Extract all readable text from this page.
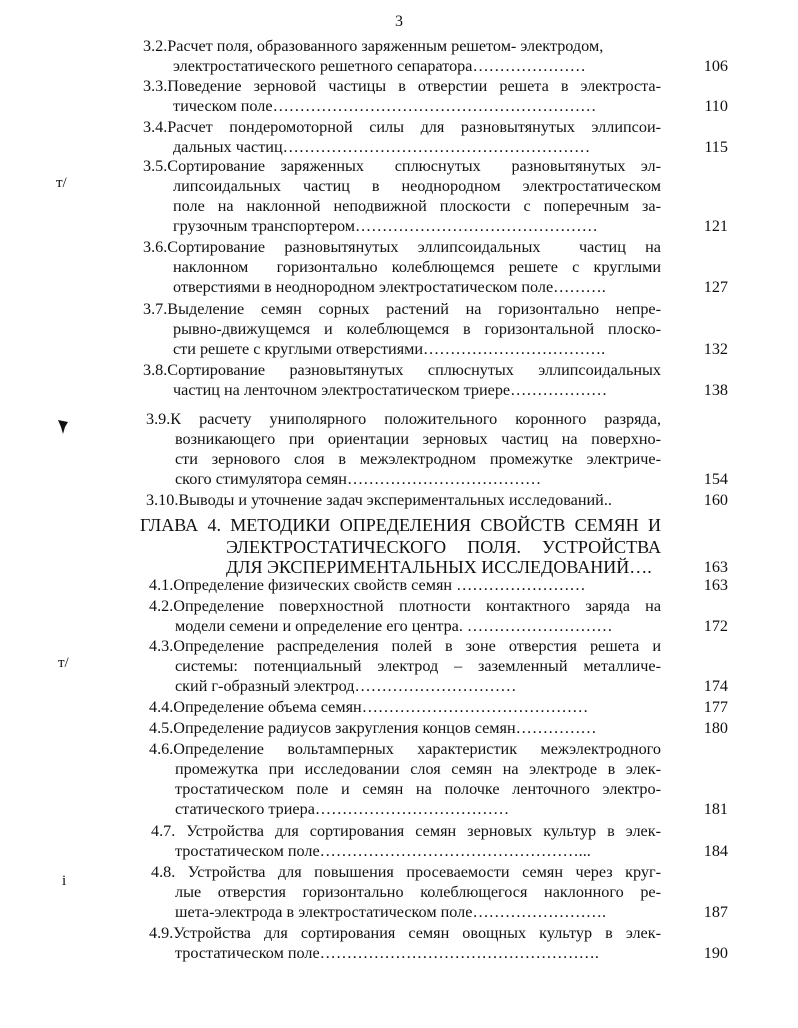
3
т/
т/
і
3.2.Расчет поля, образованного заряженным решетом- электродом,
электростатического решетного сепаратора…………………	106
3.3.Поведение зерновой частицы в отверстии решета в электроста-
тическом поле……………………………………………………	110
3.4.Расчет пондеромоторной силы для разновытянутых эллипсои-
дальных частиц…………………………………………………	115
3.5.Сортирование заряженных  сплюснутых  разновытянутых эл-
липсоидальных частиц в неоднородном электростатическом
поле на наклонной неподвижной плоскости с поперечным за-
грузочным транспортером………………………………………	121
3.6.Сортирование разновытянутых эллипсоидальных  частиц на
наклонном  горизонтально колеблющемся решете с круглыми
отверстиями в неоднородном электростатическом поле……….	127
3.7.Выделение семян сорных растений на горизонтально непре-
рывно-движущемся и колеблющемся в горизонтальной плоско-
сти решете с круглыми отверстиями…………………………….	132
3.8.Сортирование разновытянутых сплюснутых эллипсоидальных
частиц на ленточном электростатическом триере………………	138
3.9.К расчету униполярного положительного коронного разряда,
возникающего при ориентации зерновых частиц на поверхно-
сти зернового слоя в межэлектродном промежутке электриче-
ского стимулятора семян………………………………	154
3.10.Выводы и уточнение задач экспериментальных исследований..	160
ГЛАВА 4. МЕТОДИКИ ОПРЕДЕЛЕНИЯ СВОЙСТВ СЕМЯН И
ЭЛЕКТРОСТАТИЧЕСКОГО ПОЛЯ. УСТРОЙСТВА
ДЛЯ ЭКСПЕРИМЕНТАЛЬНЫХ ИССЛЕДОВАНИЙ….	163
4.1.Определение физических свойств семян ……………………	163
4.2.Определение поверхностной плотности контактного заряда на
модели семени и определение его центра. ………………………	172
4.3.Определение распределения полей в зоне отверстия решета и
системы: потенциальный электрод – заземленный металличе-
ский г-образный электрод…………………………	174
4.4.Определение объема семян……………………………………	177
4.5.Определение радиусов закругления концов семян……………	180
4.6.Определение вольтамперных характеристик межэлектродного
промежутка при исследовании слоя семян на электроде в элек-
тростатическом поле и семян на полочке ленточного электро-
статического триера………………………………	181
4.7. Устройства для сортирования семян зерновых культур в элек-
тростатическом поле…………………………………………...	184
4.8. Устройства для повышения просеваемости семян через круг-
лые отверстия горизонтально колеблющегося наклонного ре-
шета-электрода в электростатическом поле…………………….	187
4.9.Устройства для сортирования семян овощных культур в элек-
тростатическом поле…………………………………………….	190
